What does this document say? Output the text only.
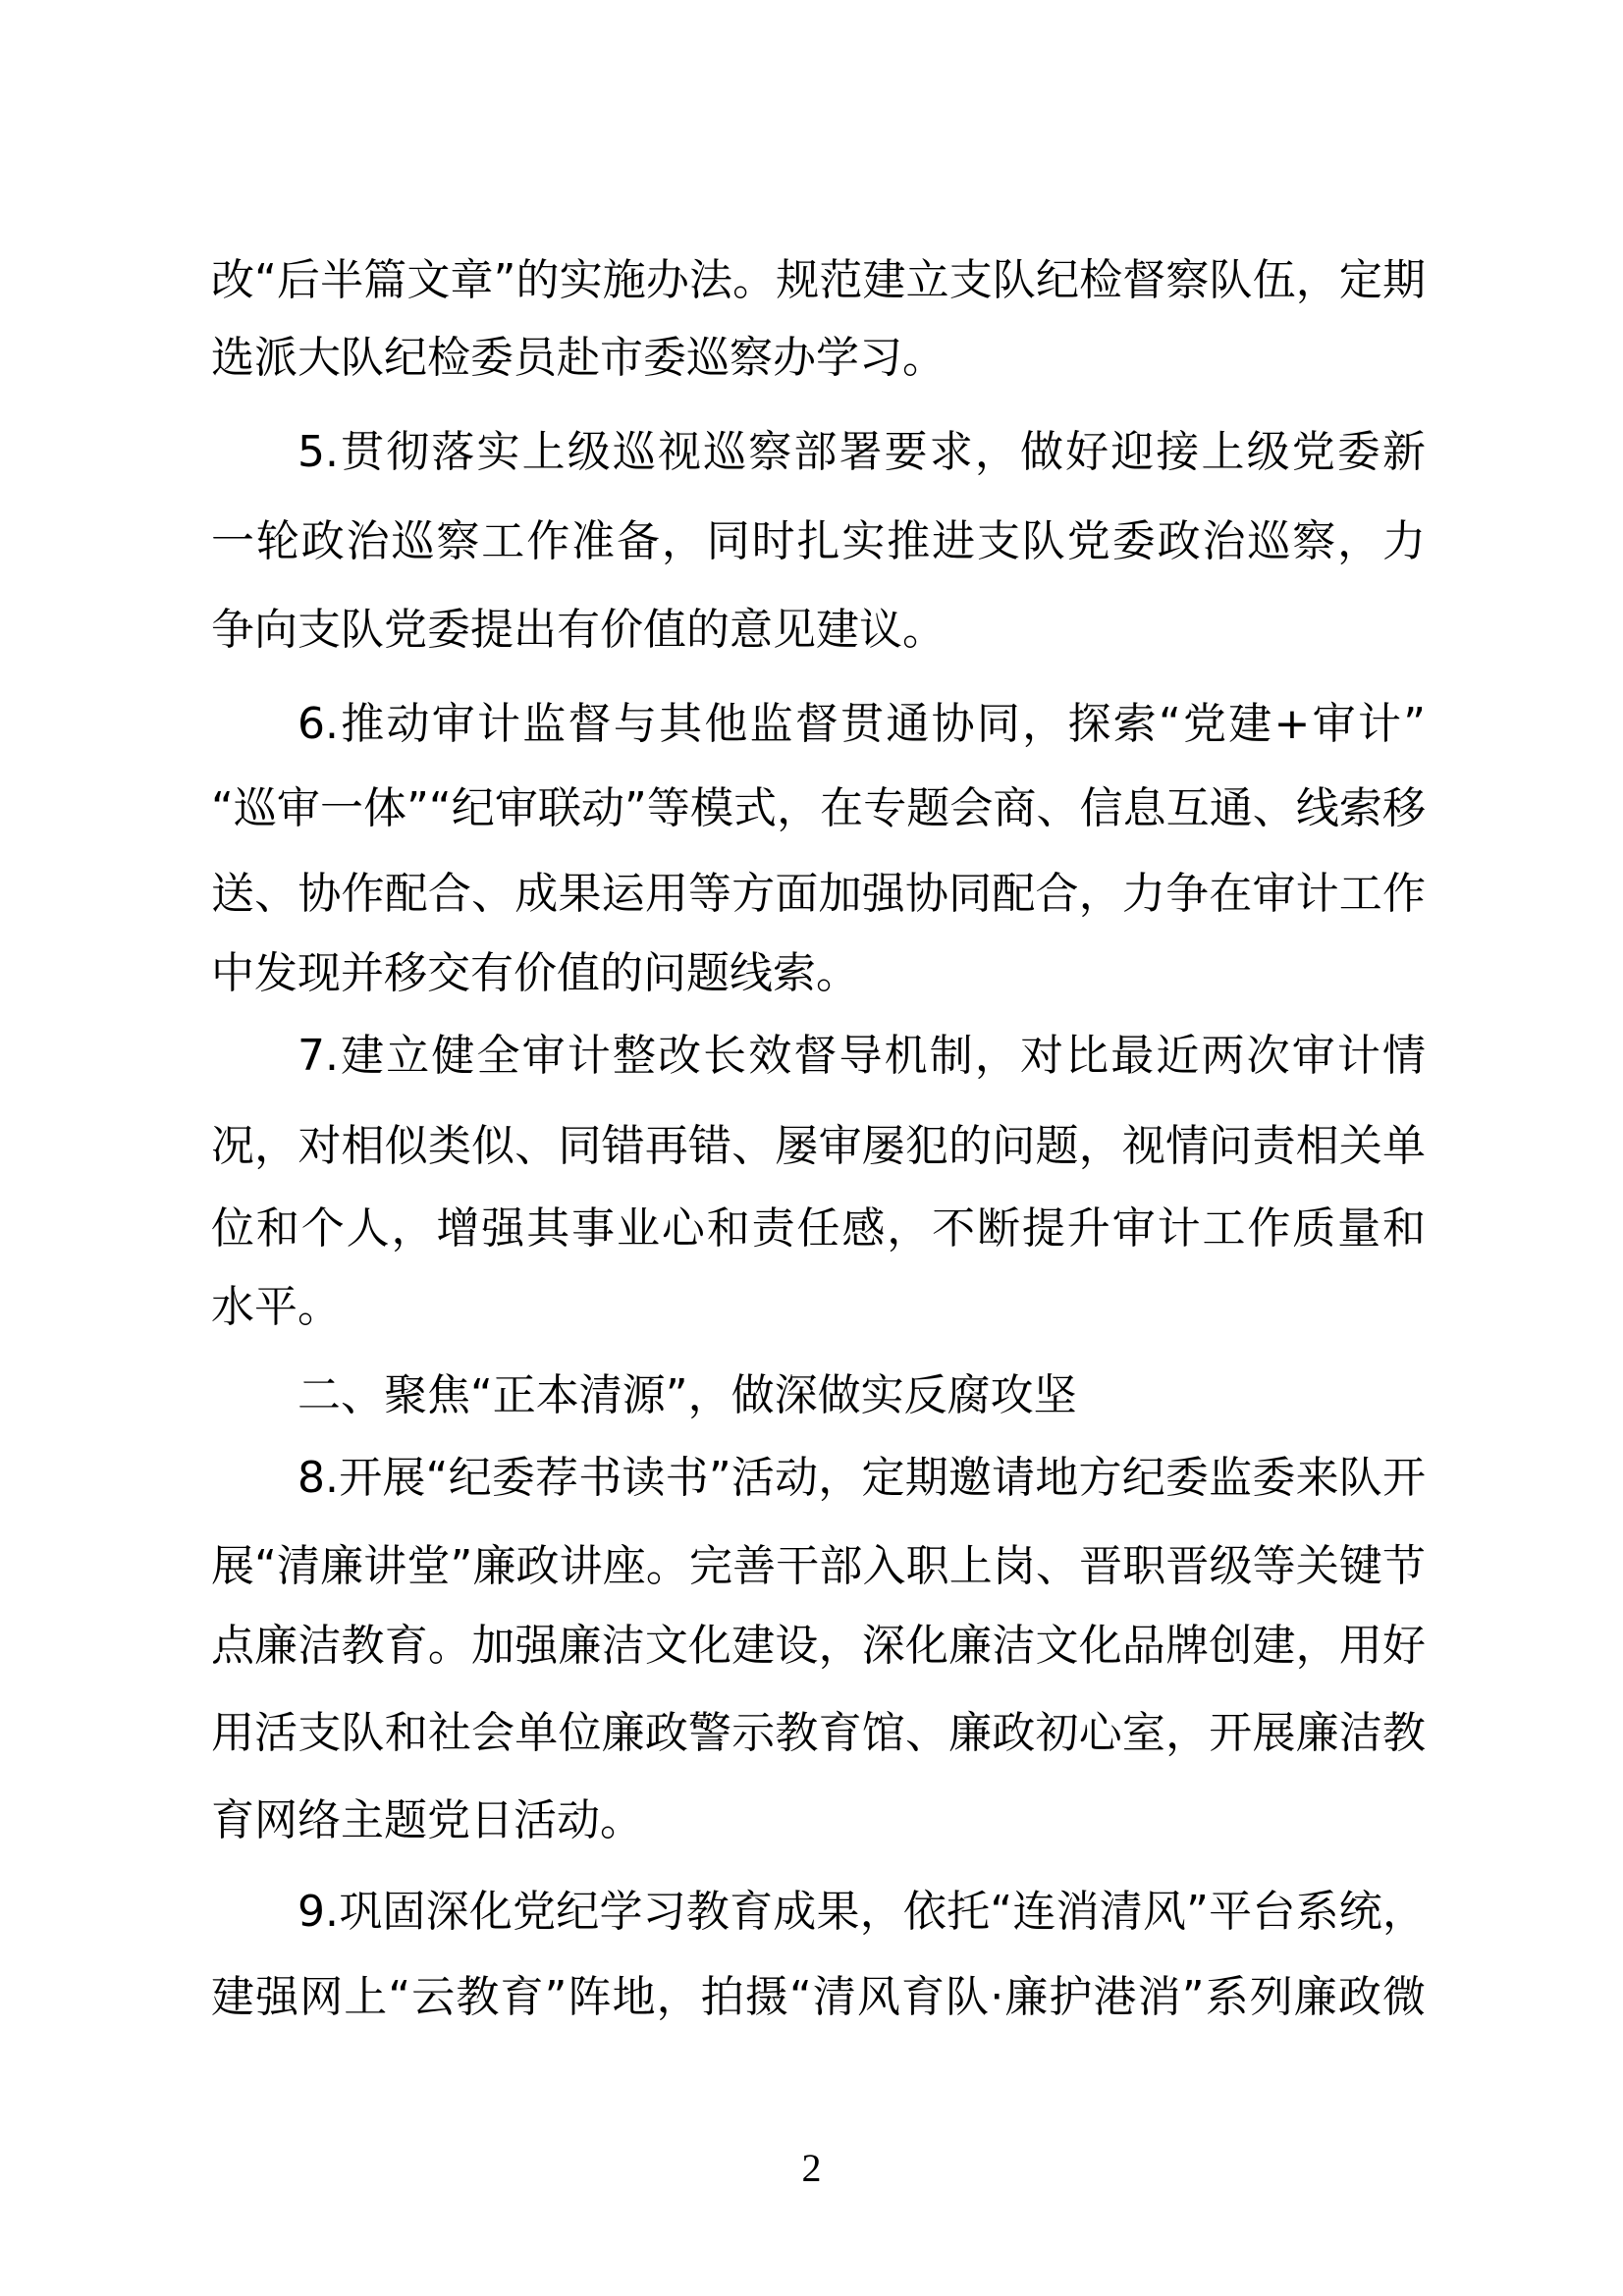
改“后半篇文章”的实施办法。规范建立支队纪检督察队伍，定期
选派大队纪检委员赴市委巡察办学习。
5.贯彻落实上级巡视巡察部署要求，做好迎接上级党委新
一轮政治巡察工作准备，同时扎实推进支队党委政治巡察，力
争向支队党委提出有价值的意见建议。
6.推动审计监督与其他监督贯通协同，探索“党建+审计”
“巡审一体”“纪审联动”等模式，在专题会商、信息互通、线索移
送、协作配合、成果运用等方面加强协同配合，力争在审计工作
中发现并移交有价值的问题线索。
7.建立健全审计整改长效督导机制，对比最近两次审计情
况，对相似类似、同错再错、屡审屡犯的问题，视情问责相关单
位和个人，增强其事业心和责任感，不断提升审计工作质量和
水平。
二、聚焦“正本清源”，做深做实反腐攻坚
8.开展“纪委荐书读书”活动，定期邀请地方纪委监委来队开
展“清廉讲堂”廉政讲座。完善干部入职上岗、晋职晋级等关键节
点廉洁教育。加强廉洁文化建设，深化廉洁文化品牌创建，用好
用活支队和社会单位廉政警示教育馆、廉政初心室，开展廉洁教
育网络主题党日活动。
9.巩固深化党纪学习教育成果，依托“连消清风”平台系统，
建强网上“云教育”阵地，拍摄“清风育队·廉护港消”系列廉政微
2
